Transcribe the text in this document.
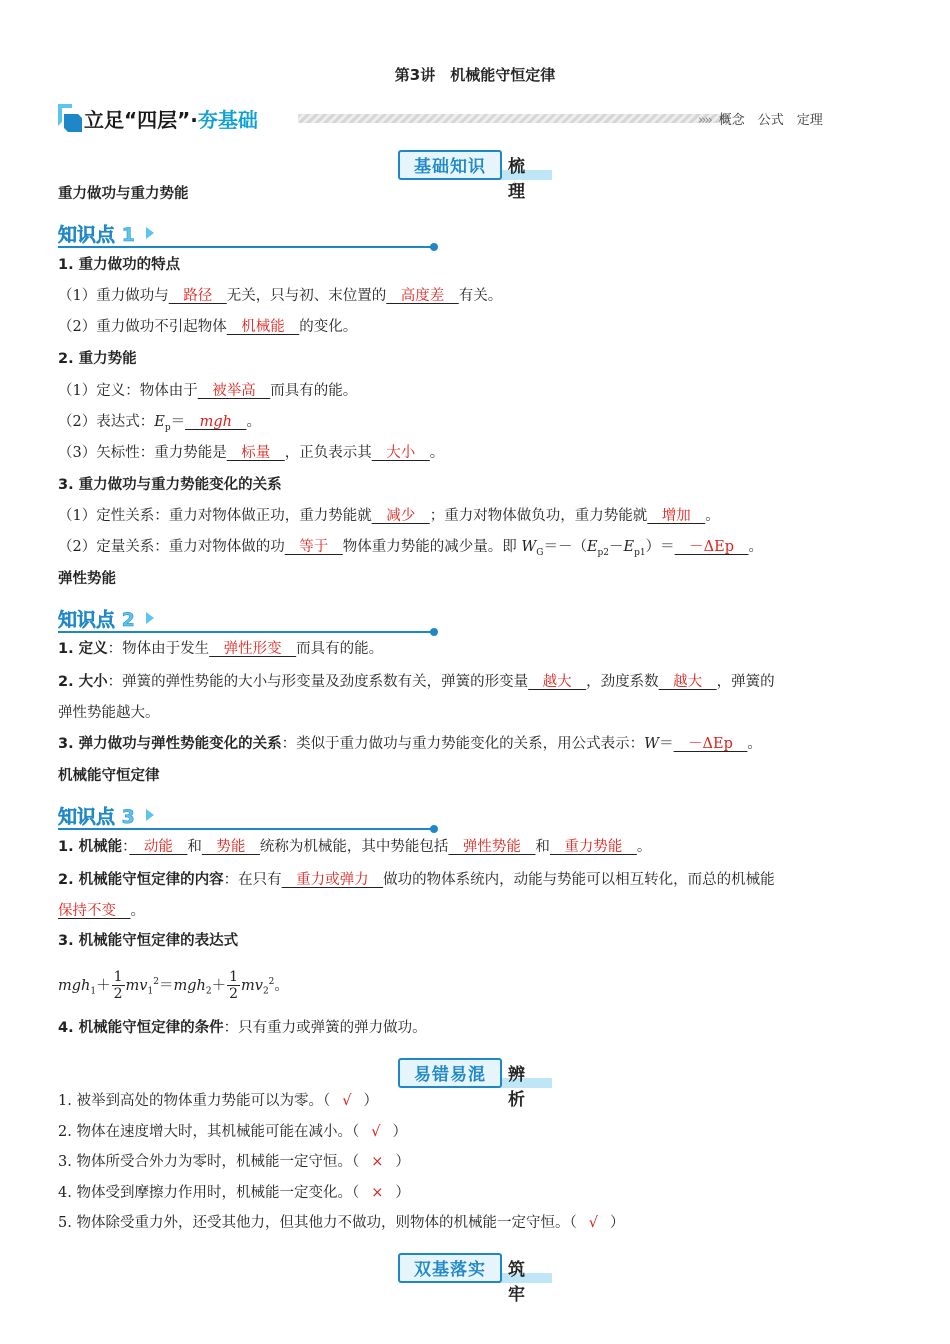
第3讲　机械能守恒定律
立足“四层”·夯基础	›››› 概念　公式　定理
基础知识	梳理
重力做功与重力势能
知识点 1
1. 重力做功的特点
（1）重力做功与　路径　无关，只与初、末位置的　高度差　有关。
（2）重力做功不引起物体　机械能　的变化。
2. 重力势能
（1）定义：物体由于　被举高　而具有的能。
（2）表达式：$E_p=$　mgh　。
（3）矢标性：重力势能是　标量　，正负表示其　大小　。
3. 重力做功与重力势能变化的关系
（1）定性关系：重力对物体做正功，重力势能就　减少　；重力对物体做负功，重力势能就　增加　。
（2）定量关系：重力对物体做的功　等于　物体重力势能的减少量。即 $W_G=-(E_{p2}-E_{p1})=$　－ΔEp　。
弹性势能
知识点 2
1. 定义：物体由于发生　弹性形变　而具有的能。
2. 大小：弹簧的弹性势能的大小与形变量及劲度系数有关，弹簧的形变量　越大　，劲度系数　越大　，弹簧的
弹性势能越大。
3. 弹力做功与弹性势能变化的关系：类似于重力做功与重力势能变化的关系，用公式表示：W＝　－ΔEp　。
机械能守恒定律
知识点 3
1. 机械能：　动能　和　势能　统称为机械能，其中势能包括　弹性势能　和　重力势能　。
2. 机械能守恒定律的内容：在只有　重力或弹力　做功的物体系统内，动能与势能可以相互转化，而总的机械能
保持不变　。
3. 机械能守恒定律的表达式
$mgh_1+ \frac{1}{2} mv_1^2=mgh_2+ \frac{1}{2} mv_2^2$。
4. 机械能守恒定律的条件：只有重力或弹簧的弹力做功。
易错易混	辨析
1. 被举到高处的物体重力势能可以为零。（ √ ）
2. 物体在速度增大时，其机械能可能在减小。（ √ ）
3. 物体所受合外力为零时，机械能一定守恒。（ × ）
4. 物体受到摩擦力作用时，机械能一定变化。（ × ）
5. 物体除受重力外，还受其他力，但其他力不做功，则物体的机械能一定守恒。（ √ ）
双基落实	筑牢
